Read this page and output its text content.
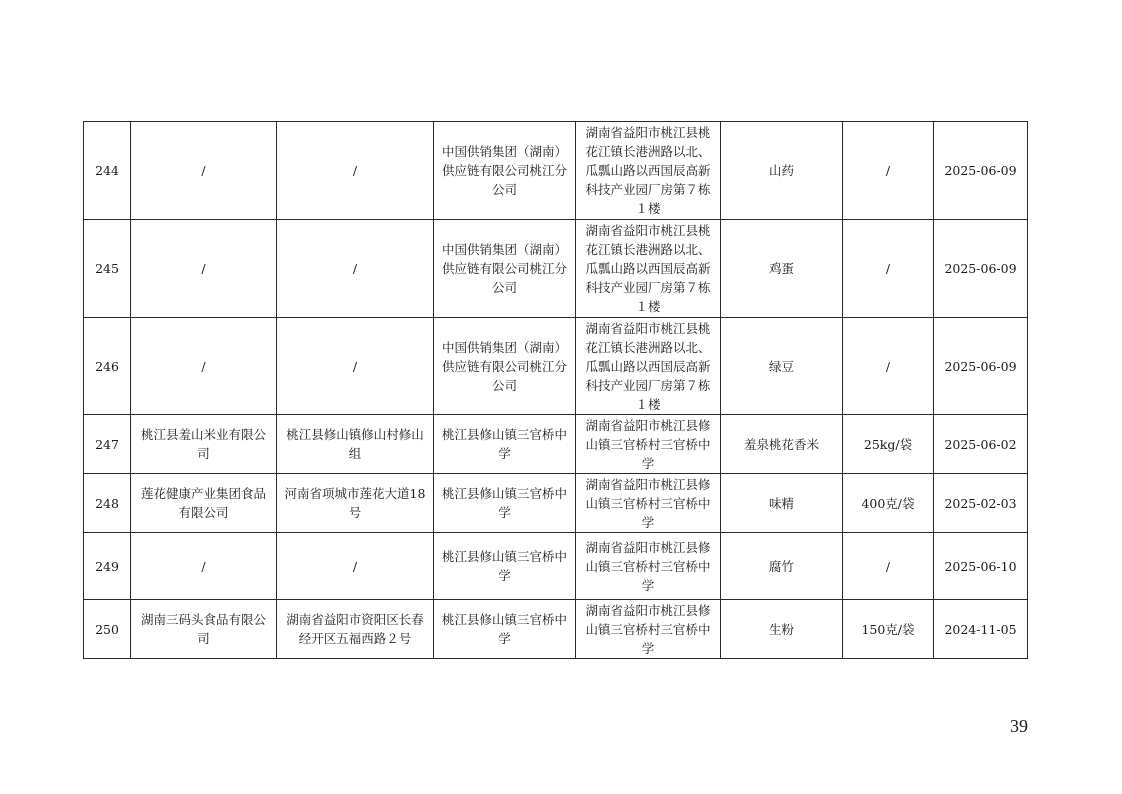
244	/	/	中国供销集团（湖南）供应链有限公司桃江分公司	湖南省益阳市桃江县桃花江镇长港洲路以北、瓜瓢山路以西国辰高新科技产业园厂房第７栋１楼	山药	/	2025-06-09
245	/	/	中国供销集团（湖南）供应链有限公司桃江分公司	湖南省益阳市桃江县桃花江镇长港洲路以北、瓜瓢山路以西国辰高新科技产业园厂房第７栋１楼	鸡蛋	/	2025-06-09
246	/	/	中国供销集团（湖南）供应链有限公司桃江分公司	湖南省益阳市桃江县桃花江镇长港洲路以北、瓜瓢山路以西国辰高新科技产业园厂房第７栋１楼	绿豆	/	2025-06-09
247	桃江县羞山米业有限公司	桃江县修山镇修山村修山组	桃江县修山镇三官桥中学	湖南省益阳市桃江县修山镇三官桥村三官桥中学	羞泉桃花香米	25kg/袋	2025-06-02
248	莲花健康产业集团食品有限公司	河南省项城市莲花大道18号	桃江县修山镇三官桥中学	湖南省益阳市桃江县修山镇三官桥村三官桥中学	味精	400克/袋	2025-02-03
249	/	/	桃江县修山镇三官桥中学	湖南省益阳市桃江县修山镇三官桥村三官桥中学	腐竹	/	2025-06-10
250	湖南三码头食品有限公司	湖南省益阳市资阳区长春经开区五福西路２号	桃江县修山镇三官桥中学	湖南省益阳市桃江县修山镇三官桥村三官桥中学	生粉	150克/袋	2024-11-05
39
